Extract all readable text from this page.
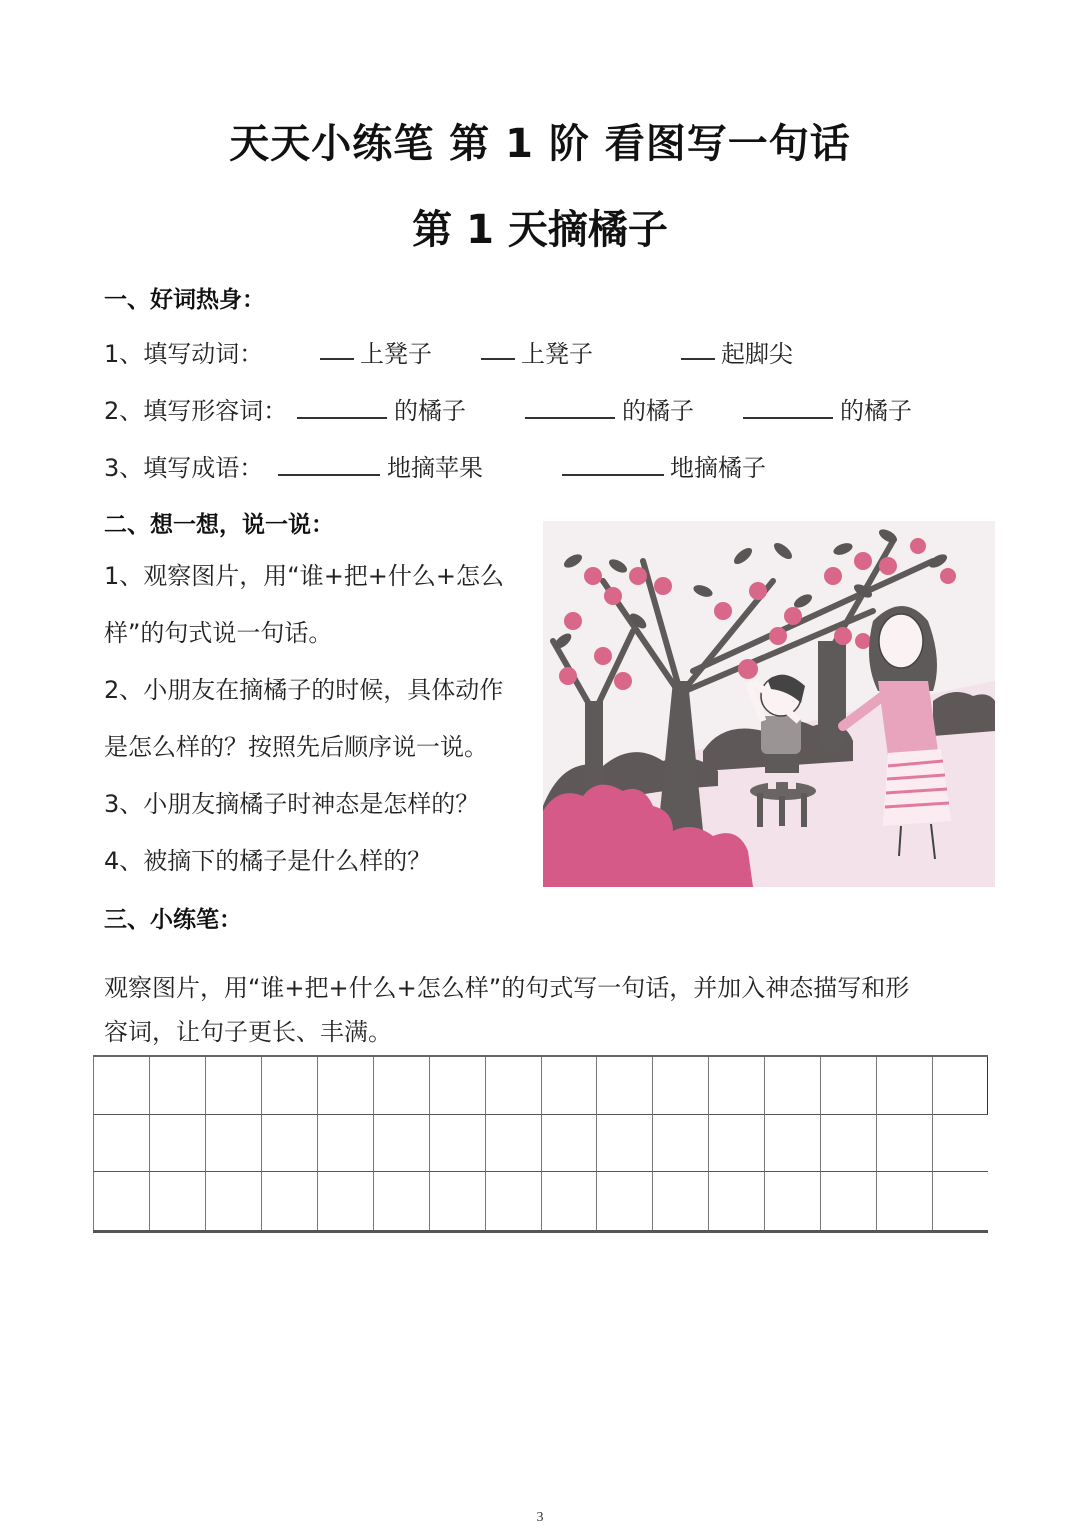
天天小练笔 第 1 阶 看图写一句话
第 1 天摘橘子
一、好词热身：
1、填写动词：	上凳子	上凳子	起脚尖
2、填写形容词：	的橘子	的橘子	的橘子
3、填写成语：	地摘苹果	地摘橘子
二、想一想，说一说：
1、观察图片，用“谁+把+什么+怎么
样”的句式说一句话。
2、小朋友在摘橘子的时候，具体动作
是怎么样的？按照先后顺序说一说。
3、小朋友摘橘子时神态是怎样的？
4、被摘下的橘子是什么样的？
三、小练笔：
观察图片，用“谁+把+什么+怎么样”的句式写一句话，并加入神态描写和形
容词，让句子更长、丰满。
3
